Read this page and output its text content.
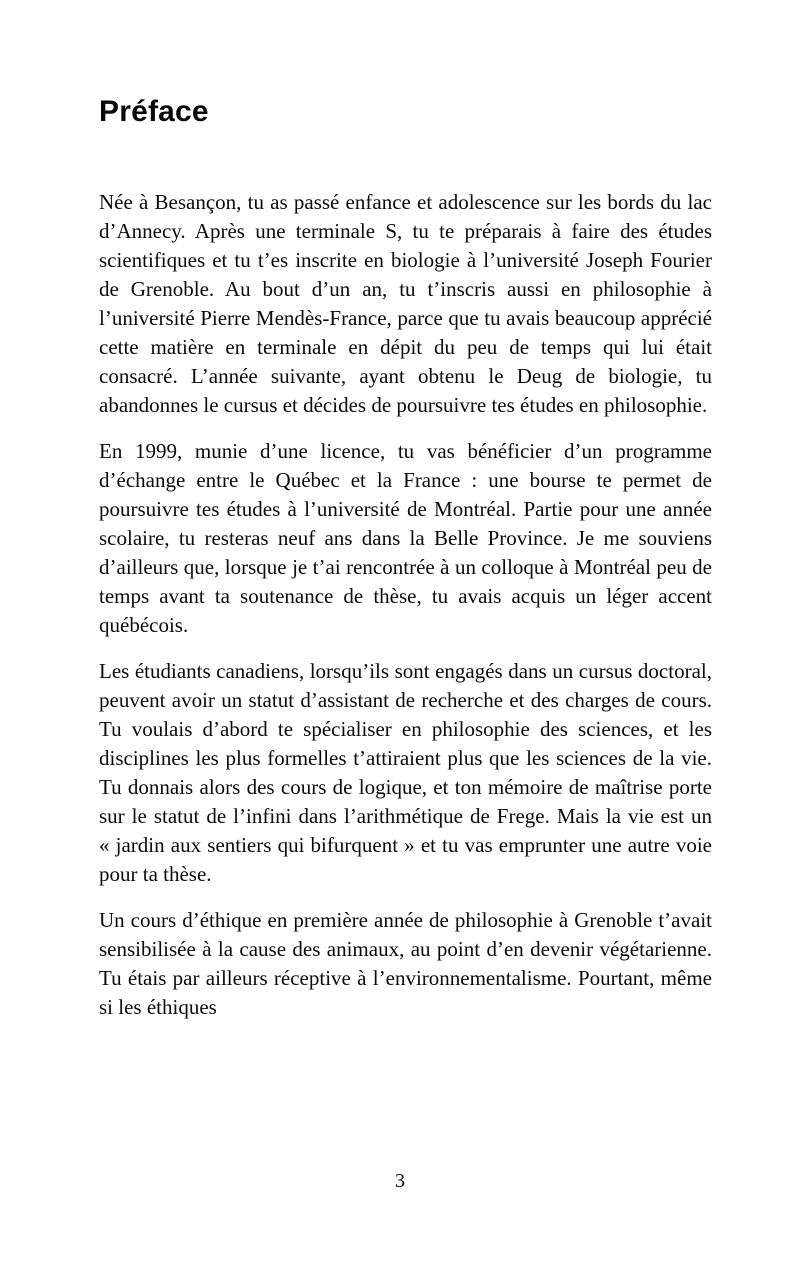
Préface

Née à Besançon, tu as passé enfance et adolescence sur les bords du lac d’Annecy. Après une terminale S, tu te préparais à faire des études scientifiques et tu t’es inscrite en biologie à l’université Joseph Fourier de Grenoble. Au bout d’un an, tu t’inscris aussi en philosophie à l’université Pierre Mendès-France, parce que tu avais beaucoup apprécié cette matière en terminale en dépit du peu de temps qui lui était consacré. L’année suivante, ayant obtenu le Deug de biologie, tu abandonnes le cursus et décides de poursuivre tes études en philosophie.

En 1999, munie d’une licence, tu vas bénéficier d’un programme d’échange entre le Québec et la France : une bourse te permet de poursuivre tes études à l’université de Montréal. Partie pour une année scolaire, tu resteras neuf ans dans la Belle Province. Je me souviens d’ailleurs que, lorsque je t’ai rencontrée à un colloque à Montréal peu de temps avant ta soutenance de thèse, tu avais acquis un léger accent québécois.

Les étudiants canadiens, lorsqu’ils sont engagés dans un cursus doctoral, peuvent avoir un statut d’assistant de recherche et des charges de cours. Tu voulais d’abord te spécialiser en philosophie des sciences, et les disciplines les plus formelles t’attiraient plus que les sciences de la vie. Tu donnais alors des cours de logique, et ton mémoire de maîtrise porte sur le statut de l’infini dans l’arithmétique de Frege. Mais la vie est un « jardin aux sentiers qui bifurquent » et tu vas emprunter une autre voie pour ta thèse.

Un cours d’éthique en première année de philosophie à Grenoble t’avait sensibilisée à la cause des animaux, au point d’en devenir végétarienne. Tu étais par ailleurs réceptive à l’environnementalisme. Pourtant, même si les éthiques

3
